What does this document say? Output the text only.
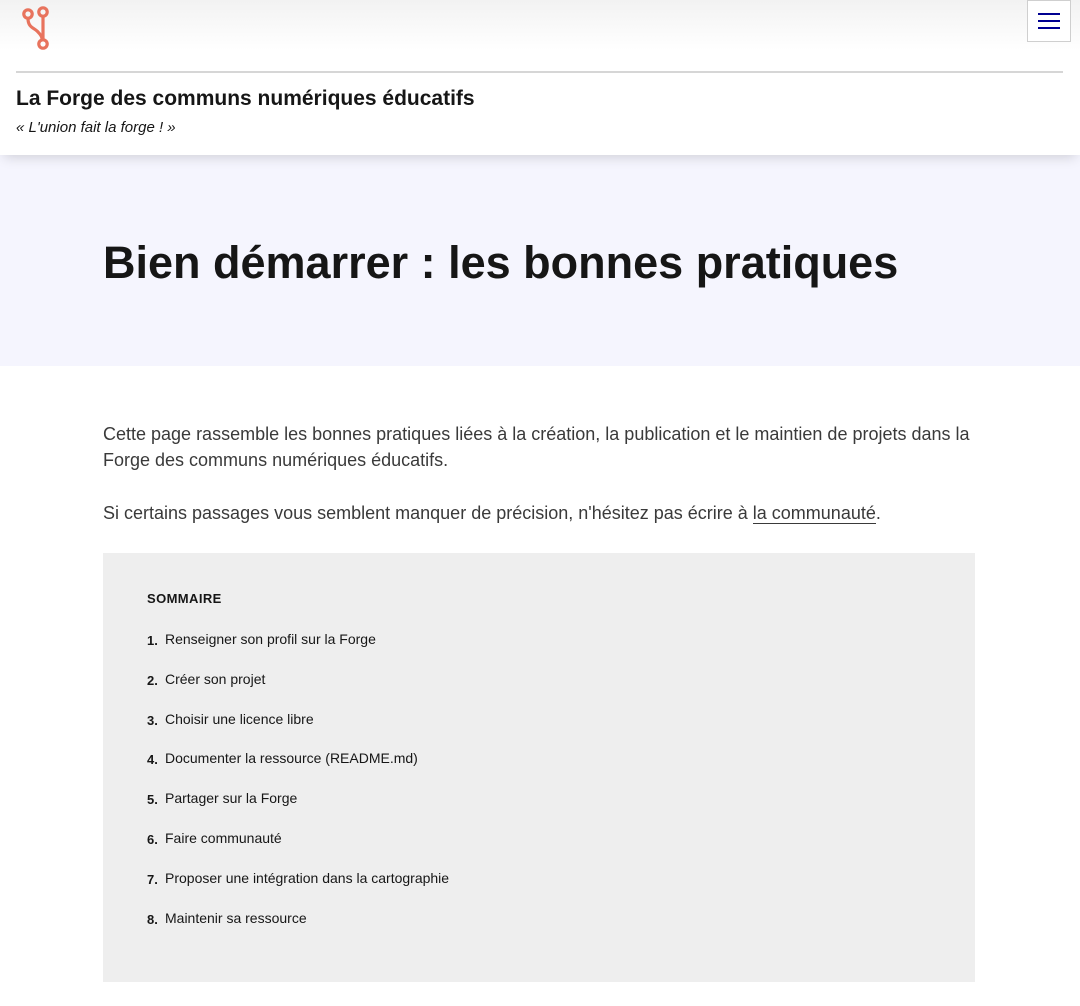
La Forge des communs numériques éducatifs

« L'union fait la forge ! »

Bien démarrer : les bonnes pratiques

Cette page rassemble les bonnes pratiques liées à la création, la publication et le maintien de projets dans la Forge des communs numériques éducatifs.

Si certains passages vous semblent manquer de précision, n'hésitez pas écrire à la communauté.

SOMMAIRE

1. Renseigner son profil sur la Forge
2. Créer son projet
3. Choisir une licence libre
4. Documenter la ressource (README.md)
5. Partager sur la Forge
6. Faire communauté
7. Proposer une intégration dans la cartographie
8. Maintenir sa ressource
